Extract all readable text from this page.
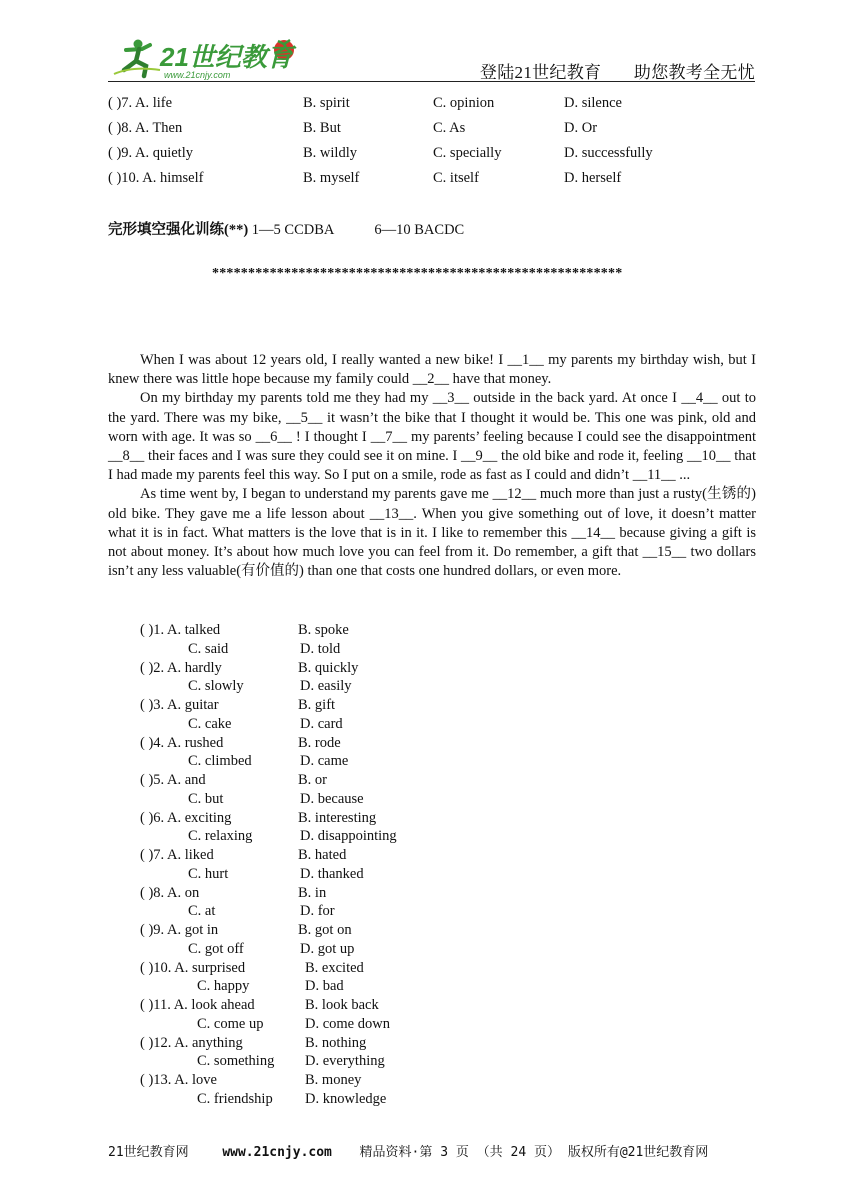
21世纪教育
www.21cnjy.com	登陆21世纪教育 助您教考全无忧
( )7. A. life	B. spirit	C. opinion	D. silence
( )8. A. Then	B. But	C. As	D. Or
( )9. A. quietly	B. wildly	C. specially	D. successfully
( )10. A. himself	B. myself	C. itself	D. herself
完形填空强化训练(**) 1—5 CCDBA	6—10 BACDC
*********************************************************

When I was about 12 years old, I really wanted a new bike! I __1__ my parents my birthday wish, but I knew there was little hope because my family could __2__ have that money.

On my birthday my parents told me they had my __3__ outside in the back yard. At once I __4__ out to the yard. There was my bike, __5__ it wasn’t the bike that I thought it would be. This one was pink, old and worn with age. It was so __6__ ! I thought I __7__ my parents’ feeling because I could see the disappointment __8__ their faces and I was sure they could see it on mine. I __9__ the old bike and rode it, feeling __10__ that I had made my parents feel this way. So I put on a smile, rode as fast as I could and didn’t __11__ ...

As time went by, I began to understand my parents gave me __12__ much more than just a rusty(生锈的) old bike. They gave me a life lesson about __13__. When you give something out of love, it doesn’t matter what it is in fact. What matters is the love that is in it. I like to remember this __14__ because giving a gift is not about money. It’s about how much love you can feel from it. Do remember, a gift that __15__ two dollars isn’t any less valuable(有价值的) than one that costs one hundred dollars, or even more.

( )1. A. talked	B. spoke
C. said	D. told
( )2. A. hardly	B. quickly
C. slowly	D. easily
( )3. A. guitar	B. gift
C. cake	D. card
( )4. A. rushed	B. rode
C. climbed	D. came
( )5. A. and	B. or
C. but	D. because
( )6. A. exciting	B. interesting
C. relaxing	D. disappointing
( )7. A. liked	B. hated
C. hurt	D. thanked
( )8. A. on	B. in
C. at	D. for
( )9. A. got in	B. got on
C. got off	D. got up
( )10. A. surprised	B. excited
C. happy	D. bad
( )11. A. look ahead	B. look back
C. come up	D. come down
( )12. A. anything	B. nothing
C. something D. everything
( )13. A. love	B. money
C. friendship D. knowledge
21世纪教育网	www.21cnjy.com 精品资料·第 3 页 （共 24 页） 版权所有@21世纪教育网
